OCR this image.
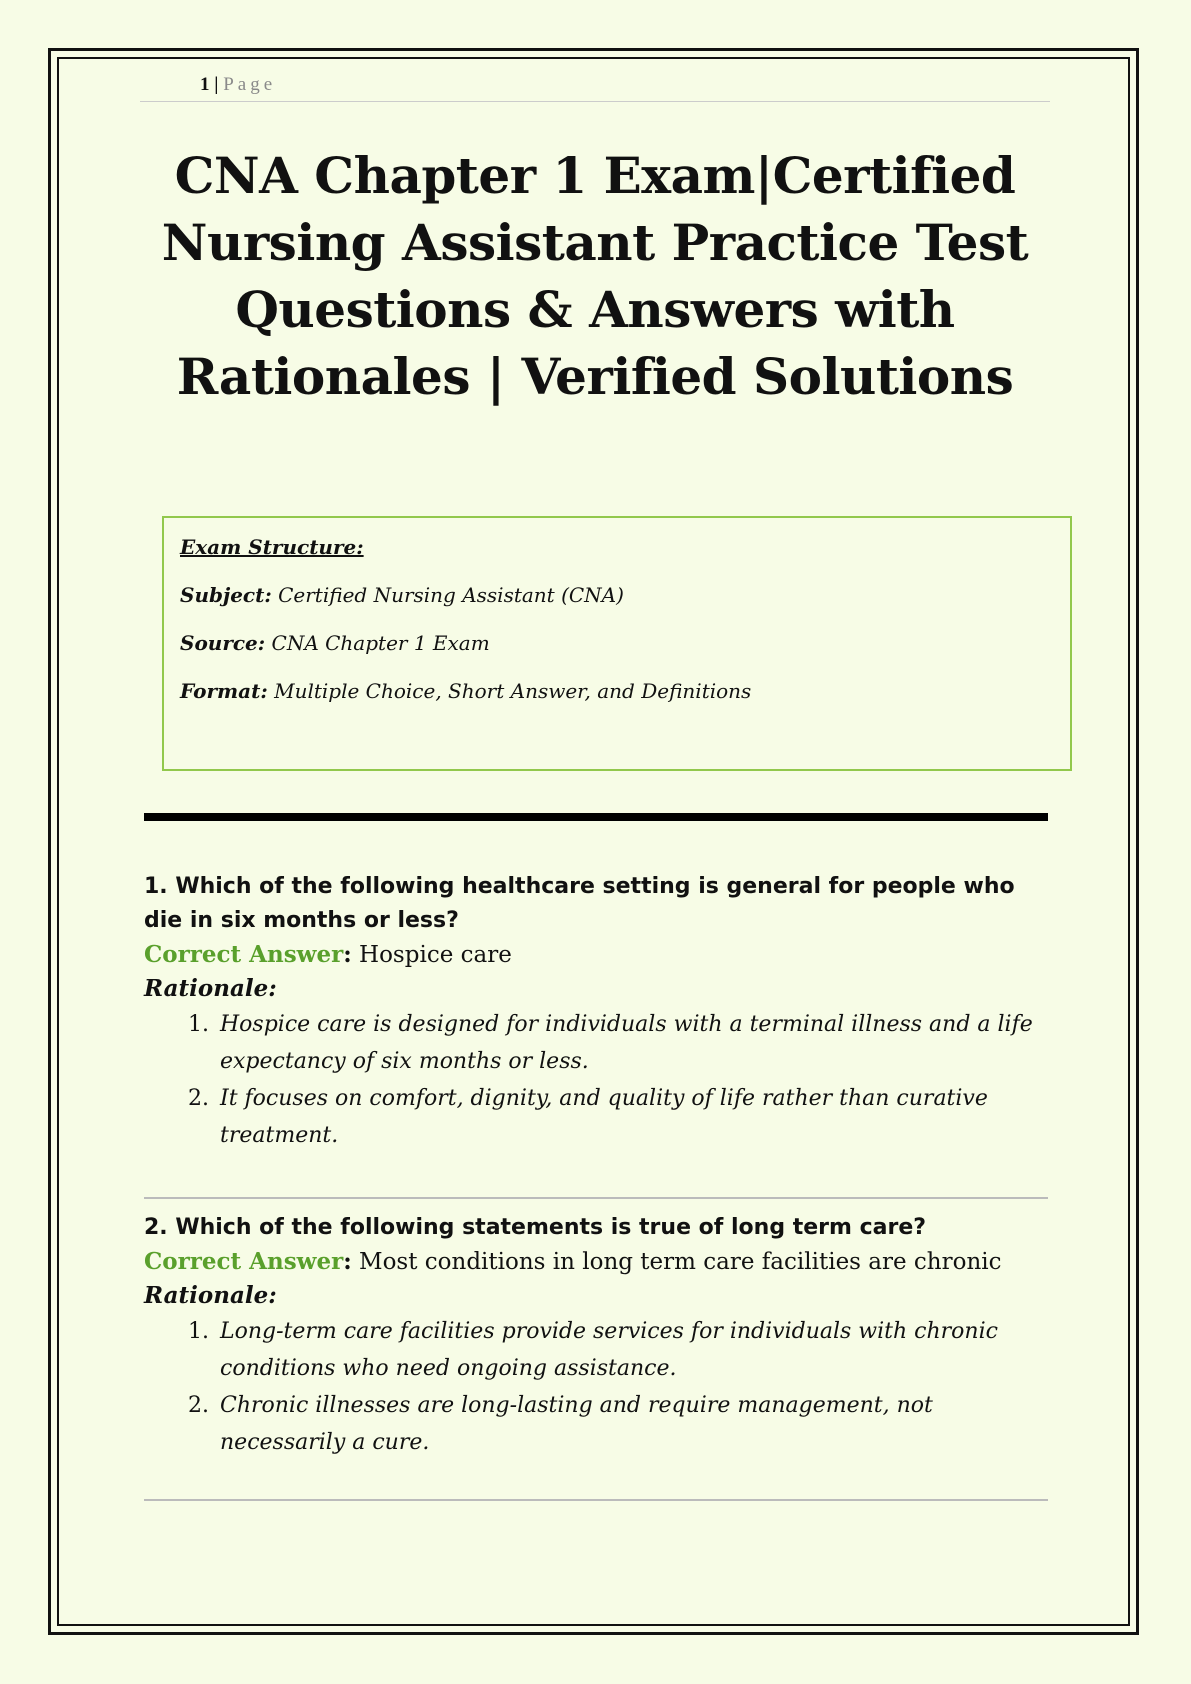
1 | Page
CNA Chapter 1 Exam|Certified Nursing Assistant Practice Test Questions & Answers with Rationales | Verified Solutions
Exam Structure:
Subject: Certified Nursing Assistant (CNA)
Source: CNA Chapter 1 Exam
Format: Multiple Choice, Short Answer, and Definitions

1. Which of the following healthcare setting is general for people who die in six months or less?

Correct Answer: Hospice care
Rationale:
1. Hospice care is designed for individuals with a terminal illness and a life expectancy of six months or less.
2. It focuses on comfort, dignity, and quality of life rather than curative treatment.

2. Which of the following statements is true of long term care?

Correct Answer: Most conditions in long term care facilities are chronic
Rationale:
1. Long-term care facilities provide services for individuals with chronic conditions who need ongoing assistance.
2. Chronic illnesses are long-lasting and require management, not necessarily a cure.
